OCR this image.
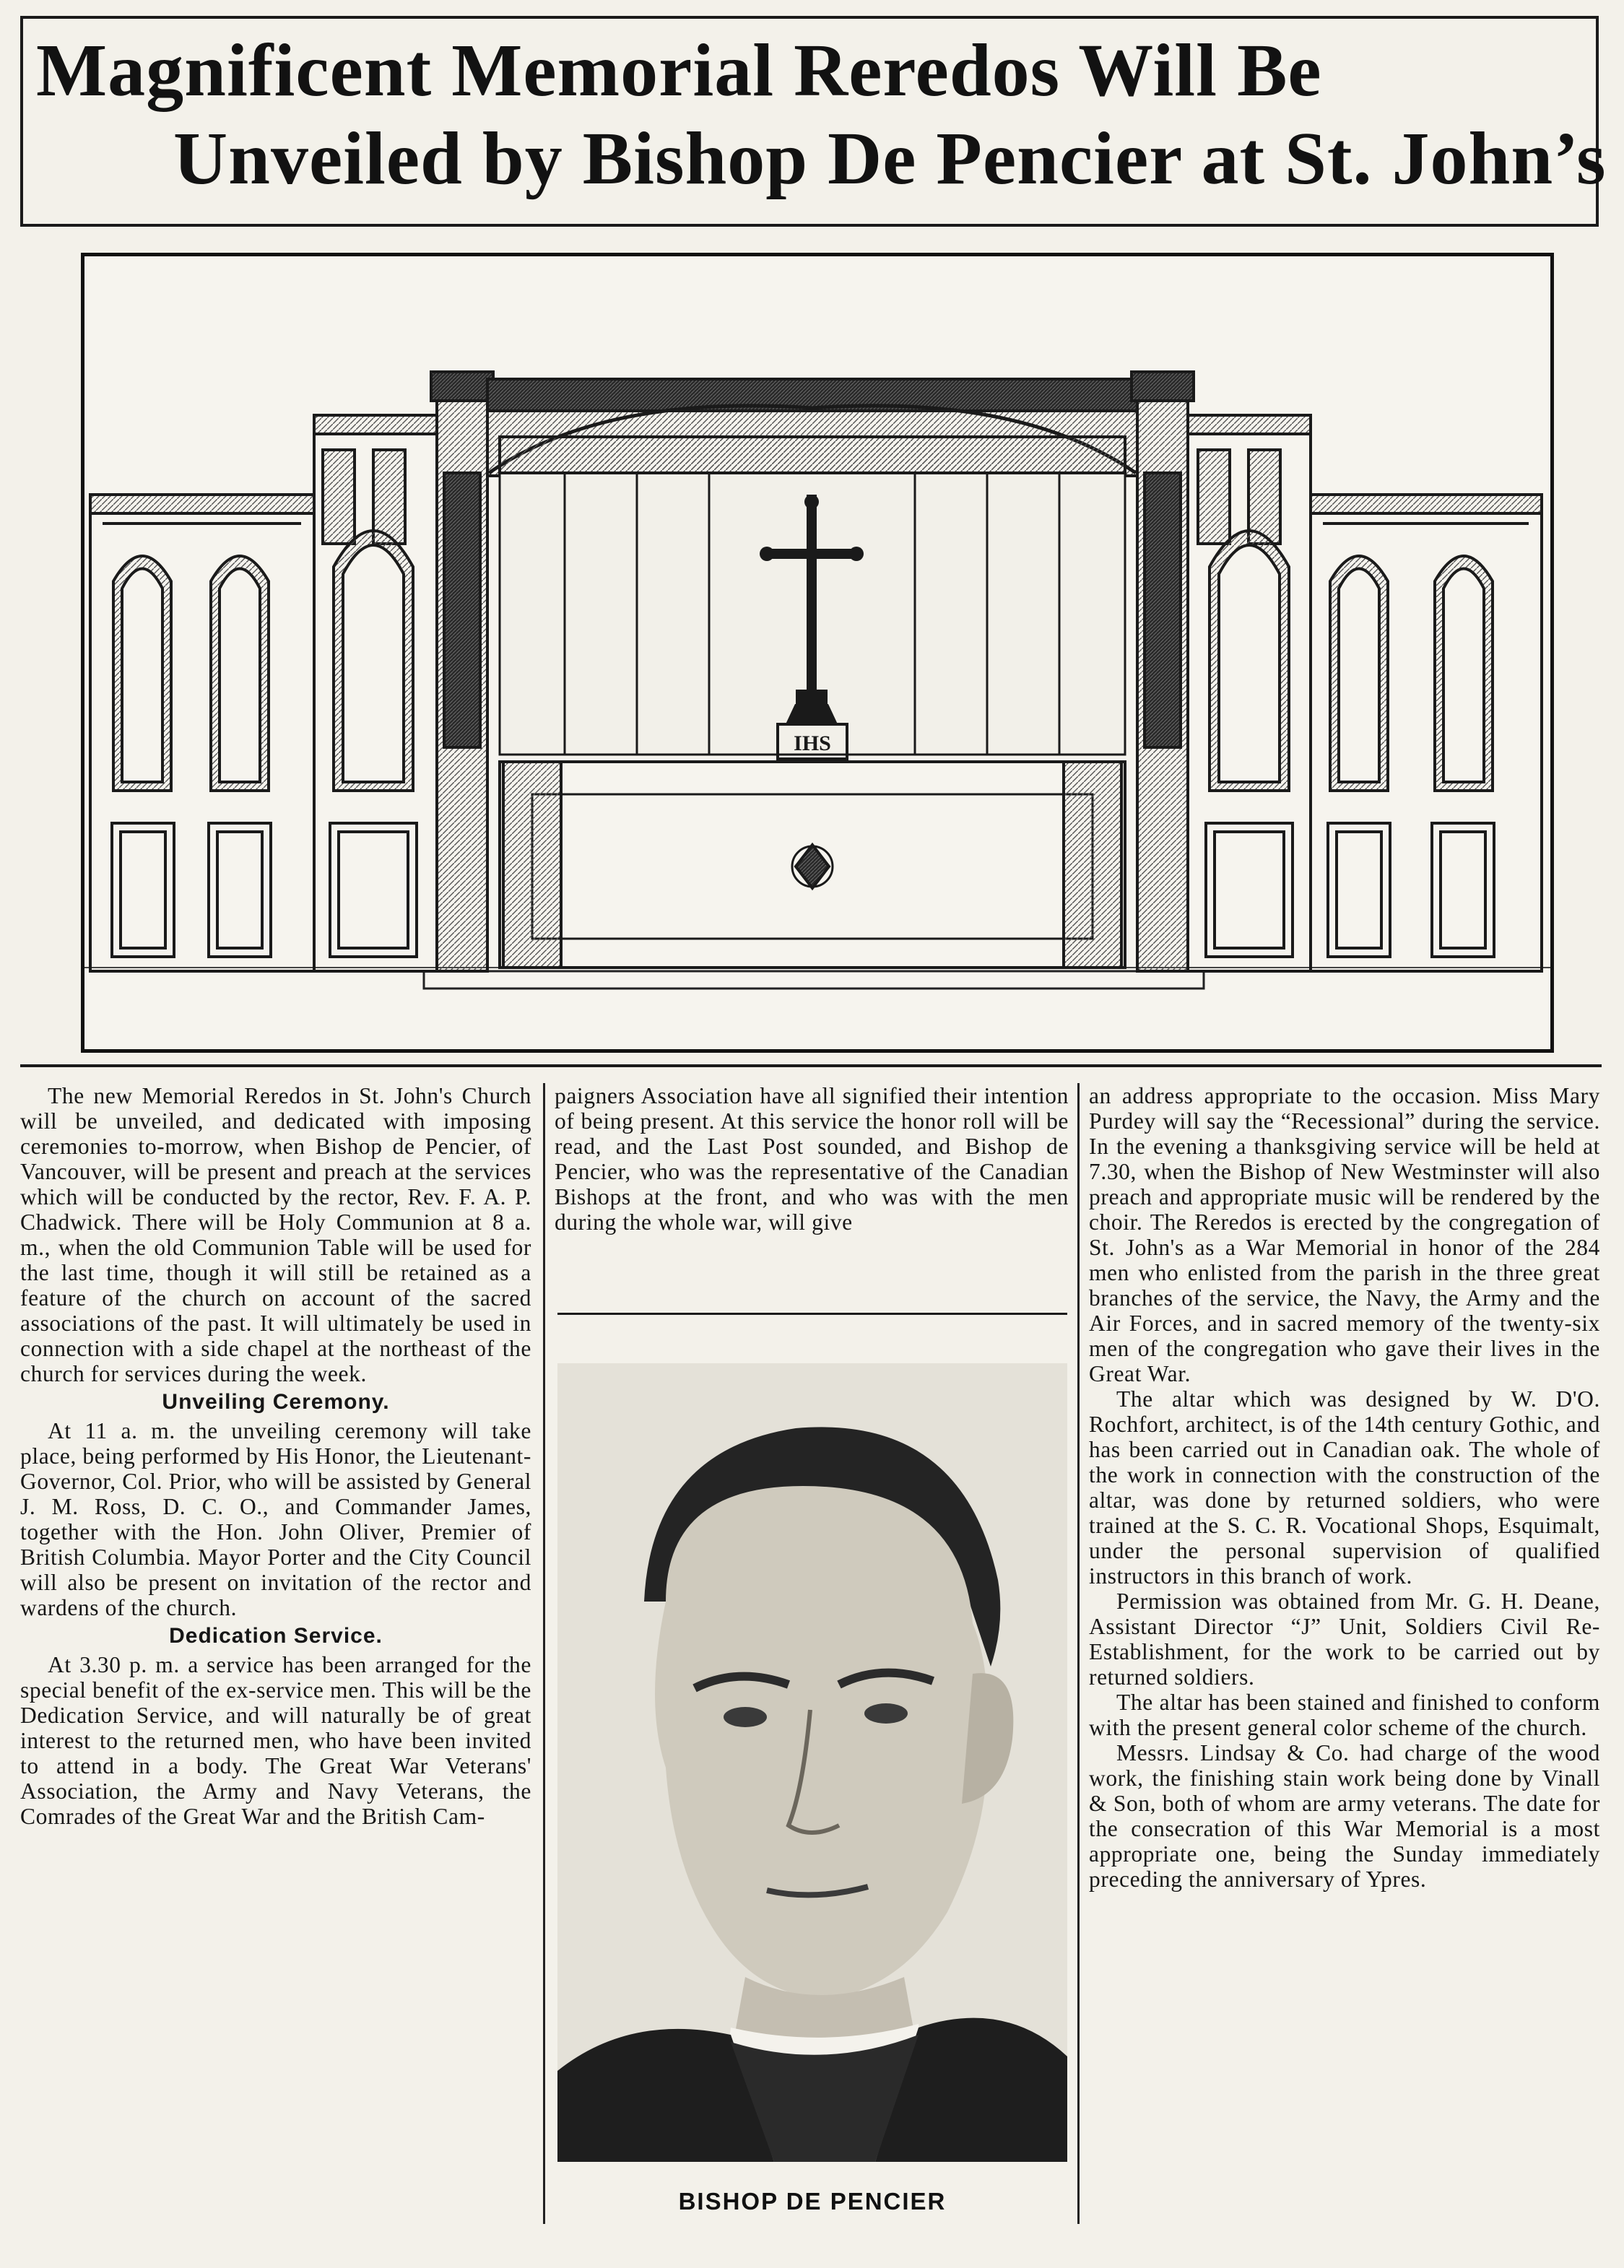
Magnificent Memorial Reredos Will Be
Unveiled by Bishop De Pencier at St. John’s
IHS

The new Memorial Reredos in St. John's Church will be unveiled, and dedicated with imposing ceremonies to-morrow, when Bishop de Pencier, of Vancouver, will be present and preach at the services which will be conducted by the rector, Rev. F. A. P. Chadwick. There will be Holy Communion at 8 a. m., when the old Communion Table will be used for the last time, though it will still be retained as a feature of the church on account of the sacred associations of the past. It will ultimately be used in connection with a side chapel at the northeast of the church for services during the week.

Unveiling Ceremony.

At 11 a. m. the unveiling ceremony will take place, being performed by His Honor, the Lieutenant-Governor, Col. Prior, who will be assisted by General J. M. Ross, D. C. O., and Commander James, together with the Hon. John Oliver, Premier of British Columbia. Mayor Porter and the City Council will also be present on invitation of the rector and wardens of the church.

Dedication Service.

At 3.30 p. m. a service has been arranged for the special benefit of the ex-service men. This will be the Dedication Service, and will naturally be of great interest to the returned men, who have been invited to attend in a body. The Great War Veterans' Association, the Army and Navy Veterans, the Comrades of the Great War and the British Cam-

paigners Association have all signified their intention of being present. At this service the honor roll will be read, and the Last Post sounded, and Bishop de Pencier, who was the representative of the Canadian Bishops at the front, and who was with the men during the whole war, will give

BISHOP DE PENCIER

an address appropriate to the occasion. Miss Mary Purdey will say the “Recessional” during the service. In the evening a thanksgiving service will be held at 7.30, when the Bishop of New Westminster will also preach and appropriate music will be rendered by the choir. The Reredos is erected by the congregation of St. John's as a War Memorial in honor of the 284 men who enlisted from the parish in the three great branches of the service, the Navy, the Army and the Air Forces, and in sacred memory of the twenty-six men of the congregation who gave their lives in the Great War.

The altar which was designed by W. D'O. Rochfort, architect, is of the 14th century Gothic, and has been carried out in Canadian oak. The whole of the work in connection with the construction of the altar, was done by returned soldiers, who were trained at the S. C. R. Vocational Shops, Esquimalt, under the personal supervision of qualified instructors in this branch of work.

Permission was obtained from Mr. G. H. Deane, Assistant Director “J” Unit, Soldiers Civil Re-Establishment, for the work to be carried out by returned soldiers.

The altar has been stained and finished to conform with the present general color scheme of the church.

Messrs. Lindsay & Co. had charge of the wood work, the finishing stain work being done by Vinall & Son, both of whom are army veterans. The date for the consecration of this War Memorial is a most appropriate one, being the Sunday immediately preceding the anniversary of Ypres.
